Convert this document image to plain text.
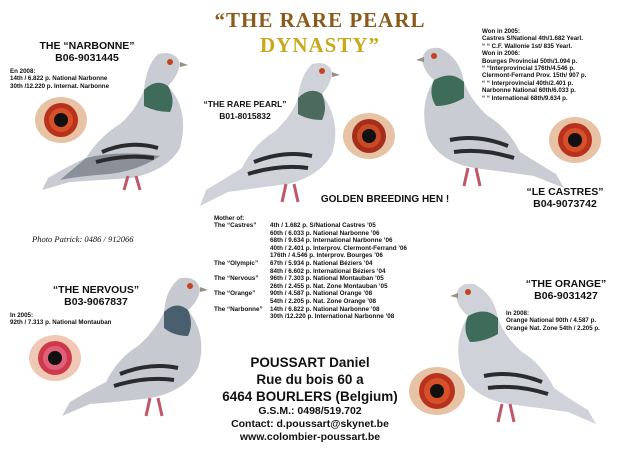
“THE RARE PEARL
DYNASTY”
THE “NARBONNE”
B06-9031445
En 2008:
14th / 6.822 p. National Narbonne
30th /12.220 p. Internat. Narbonne
“THE RARE PEARL”
B01-8015832
Won in 2005:
Castres S/National 4th/1.682 Yearl.
“ “ C.F. Wallonie 1st/ 835 Yearl.
Won in 2006:
Bourges Provincial 50th/1.094 p.
“ “Interprovincial 176th/4.546 p.
Clermont-Ferrand Prov. 15th/ 907 p.
“ “ Interprovincial 40th/2.401 p.
Narbonne National 60th/6.033 p.
“ “ International 68th/9.634 p.
“LE CASTRES”
B04-9073742
GOLDEN BREEDING HEN !
Mother of:
The “Castres”	4th / 1.682 p. S/National Castres ’05
	60th / 6.033 p. National Narbonne ’06
	68th / 9.634 p. International Narbonne ’06
	40th / 2.401 p. Interprov. Clermont-Ferrand ’06
	176th / 4.546 p. Interprov. Bourges ’06
The “Olympic”	67th / 5.934 p. National Béziers ’04
	84th / 6.602 p. International Béziers ’04
The “Nervous”	96th / 7.303 p. National Montauban ’05
	26th / 2.455 p. Nat. Zone Montauban ’05
The “Orange”	90th / 4.587 p. National Orange ’08
	54th / 2.205 p. Nat. Zone Orange ’08
The “Narbonne”	14th / 6.822 p. National Narbonne ’08
	30th /12.220 p. International Narbonne ’08
Photo Patrick: 0486 / 912066
“THE NERVOUS”
B03-9067837
In 2005:
92th / 7.313 p. National Montauban
“THE ORANGE”
B06-9031427
In 2008:
Orange National 90th / 4.587 p.
Orange Nat. Zone 54th / 2.205 p.
POUSSART Daniel
Rue du bois 60 a
6464 BOURLERS (Belgium)
G.S.M.: 0498/519.702
Contact: d.poussart@skynet.be
www.colombier-poussart.be
